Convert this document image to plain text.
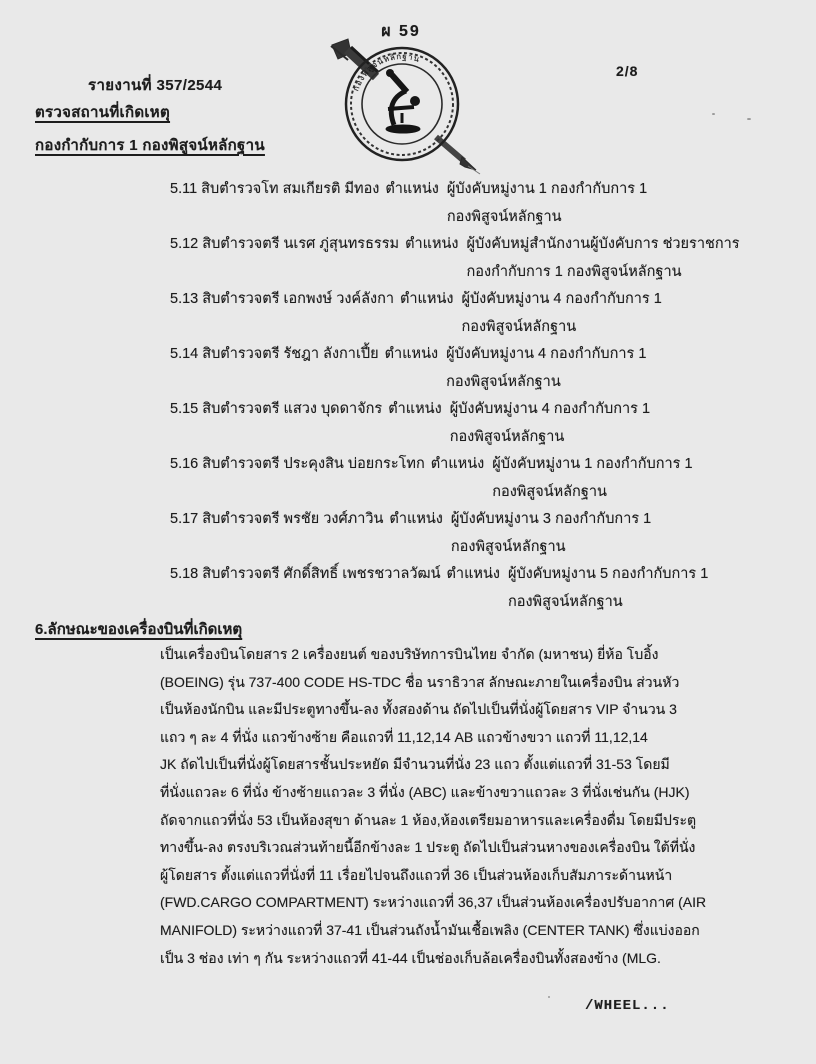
ผ 59
รายงานที่ 357/2544
2/8
กองพิสูจน์หลักฐาน
ตรวจสถานที่เกิดเหตุ
กองกำกับการ 1 กองพิสูจน์หลักฐาน
5.11 สิบตำรวจโท สมเกียรติ มีทอง ตำแหน่ง ผู้บังคับหมู่งาน 1 กองกำกับการ 1
กองพิสูจน์หลักฐาน
5.12 สิบตำรวจตรี นเรศ ภู่สุนทรธรรม ตำแหน่ง ผู้บังคับหมู่สำนักงานผู้บังคับการ ช่วยราชการ
กองกำกับการ 1 กองพิสูจน์หลักฐาน
5.13 สิบตำรวจตรี เอกพงษ์ วงค์ลังกา ตำแหน่ง ผู้บังคับหมู่งาน 4 กองกำกับการ 1
กองพิสูจน์หลักฐาน
5.14 สิบตำรวจตรี รัชฎา ลังกาเปี้ย ตำแหน่ง ผู้บังคับหมู่งาน 4 กองกำกับการ 1
กองพิสูจน์หลักฐาน
5.15 สิบตำรวจตรี แสวง บุดดาจักร ตำแหน่ง ผู้บังคับหมู่งาน 4 กองกำกับการ 1
กองพิสูจน์หลักฐาน
5.16 สิบตำรวจตรี ประคุงสิน บ่อยกระโทก ตำแหน่ง ผู้บังคับหมู่งาน 1 กองกำกับการ 1
กองพิสูจน์หลักฐาน
5.17 สิบตำรวจตรี พรชัย วงศ์ภาวิน ตำแหน่ง ผู้บังคับหมู่งาน 3 กองกำกับการ 1
กองพิสูจน์หลักฐาน
5.18 สิบตำรวจตรี ศักดิ์สิทธิ์ เพชรชวาลวัฒน์ ตำแหน่ง ผู้บังคับหมู่งาน 5 กองกำกับการ 1
กองพิสูจน์หลักฐาน
6.ลักษณะของเครื่องบินที่เกิดเหตุ
เป็นเครื่องบินโดยสาร 2 เครื่องยนต์ ของบริษัทการบินไทย จำกัด (มหาชน) ยี่ห้อ โบอิ้ง
(BOEING) รุ่น 737-400 CODE HS-TDC ชื่อ นราธิวาส ลักษณะภายในเครื่องบิน ส่วนหัว
เป็นห้องนักบิน และมีประตูทางขึ้น-ลง ทั้งสองด้าน ถัดไปเป็นที่นั่งผู้โดยสาร VIP จำนวน 3
แถว ๆ ละ 4 ที่นั่ง แถวข้างซ้าย คือแถวที่ 11,12,14 AB แถวข้างขวา แถวที่ 11,12,14
JK ถัดไปเป็นที่นั่งผู้โดยสารชั้นประหยัด มีจำนวนที่นั่ง 23 แถว ตั้งแต่แถวที่ 31-53 โดยมี
ที่นั่งแถวละ 6 ที่นั่ง ข้างซ้ายแถวละ 3 ที่นั่ง (ABC) และข้างขวาแถวละ 3 ที่นั่งเช่นกัน (HJK)
ถัดจากแถวที่นั่ง 53 เป็นห้องสุขา ด้านละ 1 ห้อง,ห้องเตรียมอาหารและเครื่องดื่ม โดยมีประตู
ทางขึ้น-ลง ตรงบริเวณส่วนท้ายนี้อีกข้างละ 1 ประตู ถัดไปเป็นส่วนหางของเครื่องบิน ใต้ที่นั่ง
ผู้โดยสาร ตั้งแต่แถวที่นั่งที่ 11 เรื่อยไปจนถึงแถวที่ 36 เป็นส่วนห้องเก็บสัมภาระด้านหน้า
(FWD.CARGO COMPARTMENT) ระหว่างแถวที่ 36,37 เป็นส่วนห้องเครื่องปรับอากาศ (AIR
MANIFOLD) ระหว่างแถวที่ 37-41 เป็นส่วนถังน้ำมันเชื้อเพลิง (CENTER TANK) ซึ่งแบ่งออก
เป็น 3 ช่อง เท่า ๆ กัน ระหว่างแถวที่ 41-44 เป็นช่องเก็บล้อเครื่องบินทั้งสองข้าง (MLG.
/WHEEL...
